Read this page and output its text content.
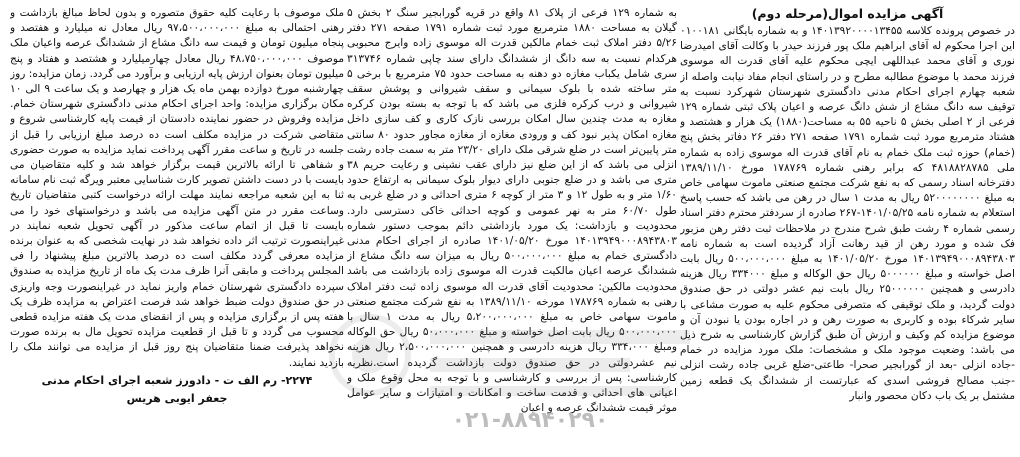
آگهی مزایده اموال(مرحله دوم)

در خصوص پرونده کلاسه ۱۴۰۱۳۹۲۰۰۰۰۱۳۴۵۵ و به شماره بایگانی ۰۱۰۰۱۸۱ این اجرا محکوم له آقای ابراهیم ملک پور فرزند حیدر با وکالت آقای امیدرضا نوری و آقای محمد عبداللهی ایچی محکوم علیه آقای قدرت اله موسوی فرزند محمد با موضوع مطالبه مطرح و در راستای انجام مفاد نیابت واصله از شعبه چهارم اجرای احکام مدنی دادگستری شهرستان شهرکرد نسبت به توقیف سه دانگ مشاع از شش دانگ عرصه و اعیان پلاک ثبتی شماره ۱۲۹ فرعی از ۲ اصلی بخش ۵ ناحیه ۵۵ به مساحت(۱۸۸۰) یک هزار و هشتصد و هشتاد مترمربع مورد ثبت شماره ۱۷۹۱ صفحه ۲۷۱ دفتر ۲۶ دفاتر بخش پنج (خمام) حوزه ثبت ملک خمام به نام آقای قدرت اله موسوی زاده به شماره ملی ۴۸۱۸۸۲۸۷۸۵ که برابر رهنی شماره ۱۷۸۷۶۹ مورخ ۱۳۸۹/۱۱/۱۰ دفترخانه اسناد رسمی که به نفع شرکت مجتمع صنعتی ماموت سهامی خاص به مبلغ ۵۲۰۰۰۰۰۰۰۰ ریال به مدت ۱ سال در رهن می باشد که حسب پاسخ استعلام به شماره نامه ۱۴۰۱/۰۵/۲۵-۲۶۷ صادره از سردفتر محترم دفتر اسناد رسمی شماره ۴ رشت طبق شرح مندرج در ملاحظات ثبت دفتر رهن مزبور فک شده و مورد رهن از قید رهانت آزاد گردیده است به شماره نامه ۱۴۰۱۳۹۴۹۰۰۰۸۹۴۳۸۰۳ مورخ ۱۴۰۱/۰۵/۲۰ به مبلغ ۵۰۰،۰۰۰،۰۰۰ ریال بابت اصل خواسته و مبلغ ۵۰۰۰۰۰۰ ریال حق الوکاله و مبلغ ۳۳۴۰۰۰ ریال هزینه دادرسی و همچنین ۲۵۰۰۰۰۰۰ ریال بابت نیم عشر دولتی در حق صندوق دولت گردید، و ملک توقیفی که متصرفی محکوم علیه به صورت مشاعی با سایر شرکاء بوده و کاربری به صورت رهن و در اجاره بودن یا نبودن آن و موضوع مزایده کم وکیف و ارزش آن طبق گزارش کارشناسی به شرح ذیل می باشد: وضعیت موجود ملک و مشخصات: ملک مورد مزایده در خمام -جاده انزلی -بعد از گورابجیر صحرا- طاعتی-ضلع غربی جاده رشت انزلی -جنب مصالح فروشی اسدی که عبارتست از ششدانگ یک قطعه زمین مشتمل بر یک باب دکان محصور وانبار

به شماره ۱۲۹ فرعی از پلاک ۸۱ واقع در قریه گورابجیر سنگ ۲ بخش ۵ گیلان به مساحت ۱۸۸۰ مترمربع مورد ثبت شماره ۱۷۹۱ صفحه ۲۷۱ دفتر ۵/۲۶ دفتر املاک ثبت خمام مالکین قدرت اله موسوی زاده وایرج محبوبی هرکدام نسبت به سه دانگ از ششدانگ دارای سند چاپی شماره ۳۱۳۷۴۶ سری شامل یکباب مغازه دو دهنه به مساحت حدود ۷۵ مترمربع با برخی ۵ متر ساخته شده با بلوک سیمانی و سقف شیروانی و پوشش سقف شیروانی و درب کرکره فلزی می باشد که با توجه به بسته بودن کرکره مغازه به مدت چندین سال امکان بررسی نازک کاری و کف سازی داخل مغازه امکان پذیر نبود کف و ورودی مغازه از مغازه مجاور حدود ۸۰ سانتی متر پایین‌تر است در ضلع شرقی ملک دارای ۲۳/۲۰ متر به سمت جاده رشت انزلی می باشد که از این ضلع نیز دارای عقب نشینی و رعایت حریم ۳۸ متری می باشد و در ضلع جنوبی دارای دیوار بلوک سیمانی به ارتفاع حدود ۱/۶۰ متر و به طول ۱۲ و ۳ متر از کوچه ۶ متری احداثی و در ضلع غربی به طول ۶۰/۷۰ متر به نهر عمومی و کوچه احداثی خاکی دسترسی دارد. محدودیت و بازداشت: یک مورد بازداشتی دائم بموجب دستور شماره ۱۴۰۱۳۹۴۹۰۰۰۸۹۴۳۸۰۳ مورخ ۱۴۰۱/۰۵/۲۰ صادره از اجرای احکام مدنی دادگستری خمام به مبلغ ۵۰۰،۰۰۰،۰۰۰ ریال به میزان سه دانگ مشاع از ششدانگ عرصه اعیان مالکیت قدرت اله موسوی زاده بازداشت می باشد محدودیت مالکین: محدودیت آقای قدرت اله موسوی زاده ثبت دفتر املاک رهنی به شماره ۱۷۸۷۶۹ مورخه ۱۳۸۹/۱۱/۱۰ به نفع شرکت مجتمع صنعتی ماموت سهامی خاص به مبلغ ۵،۲۰۰،۰۰۰،۰۰۰ ریال به مدت ۱ سال با ۵۰۰،۰۰۰،۰۰۰ ریال بابت اصل خواسته و مبلغ ۵۰،۰۰۰،۰۰۰ ریال حق الوکاله ومبلغ ۳۳۴،۰۰۰ ریال هزینه دادرسی و همچنین ۲،۵۰۰،۰۰۰،۰۰۰ ریال هزینه نیم عشردولتی در حق صندوق دولت بازداشت گردیده است.نظریه کارشناسی: پس از بررسی و کارشناسی و با توجه به محل وقوع ملک و اعیانی های احداثی و قدمت ساخت و امکانات و امتیازات و سایر عوامل موثر قیمت ششدانگ عرصه و اعیان

ملک موصوف با رعایت کلیه حقوق متصوره و بدون لحاظ مبالغ بازداشت و رهنی احتمالی به مبلغ ۹۷،۵۰۰،۰۰۰،۰۰۰ ریال معادل نه میلیارد و هفتصد و پنجاه میلیون تومان و قیمت سه دانگ مشاع از ششدانگ عرصه واعیان ملک موصوف ۴۸،۷۵۰،۰۰۰،۰۰۰ ریال معادل چهارمیلیارد و هشتصد و هفتاد و پنج میلیون تومان بعنوان ارزش پایه ارزیابی و برآورد می گردد. زمان مزایده: روز چهارشنبه مورخ دوازده بهمن ماه یک هزار و چهارصد و یک ساعت ۹ الی ۱۰ مکان برگزاری مزایده: واحد اجرای احکام مدنی دادگستری شهرستان خمام. مزایده وفروش در حضور نماینده دادستان از قیمت پایه کارشناسی شروع و متقاضی شرکت در مزایده مکلف است ده درصد مبلغ ارزیابی را قبل از جلسه در تاریخ و ساعت مقرر آگهی پرداخت نماید مزایده به صورت حضوری و شفاهی تا ارائه بالاترین قیمت برگزار خواهد شد و کلیه متقاضیان می بایست با در دست داشتن تصویر کارت شناسایی معتبر ویرگه ثبت نام سامانه ثنا به این شعبه مراجعه نمایند مهلت ارائه درخواست کتبی متقاضیان تاریخ وساعت مقرر در متن آگهی مزایده می باشد و درخواستهای خود را می بایست تا قبل از اتمام ساعت مذکور در آگهی تحویل شعبه نمایند در غیراینصورت ترتیب اثر داده نخواهد شد در نهایت شخصی که به عنوان برنده مزایده معرفی گردد مکلف است ده درصد بالاترین مبلغ پیشنهاد را فی المجلس پرداخت و مابقی آنرا ظرف مدت یک ماه از تاریخ مزایده به صندوق سپرده دادگستری شهرستان خمام واریز نماید در غیراینصورت وجه واریزی در حق صندوق دولت ضبط خواهد شد فرصت اعتراض به مزایده ظرف یک هفته پس از برگزاری مزایده و پس از انقضای مدت یک هفته مزایده قطعی محسوب می گردد و تا قبل از قطعیت مزایده تحویل مال به برنده صورت نخواهد پذیرفت ضمنا متقاضیان پنج روز قبل از مزایده می توانند ملک را بازدید نمایند.

۲۲۷۴- رم الف ت - دادورز شعبه اجرای احکام مدنی
جعفر ایوبی هریس
۰۲۱-۸۸۹۴۰۲۹۰
